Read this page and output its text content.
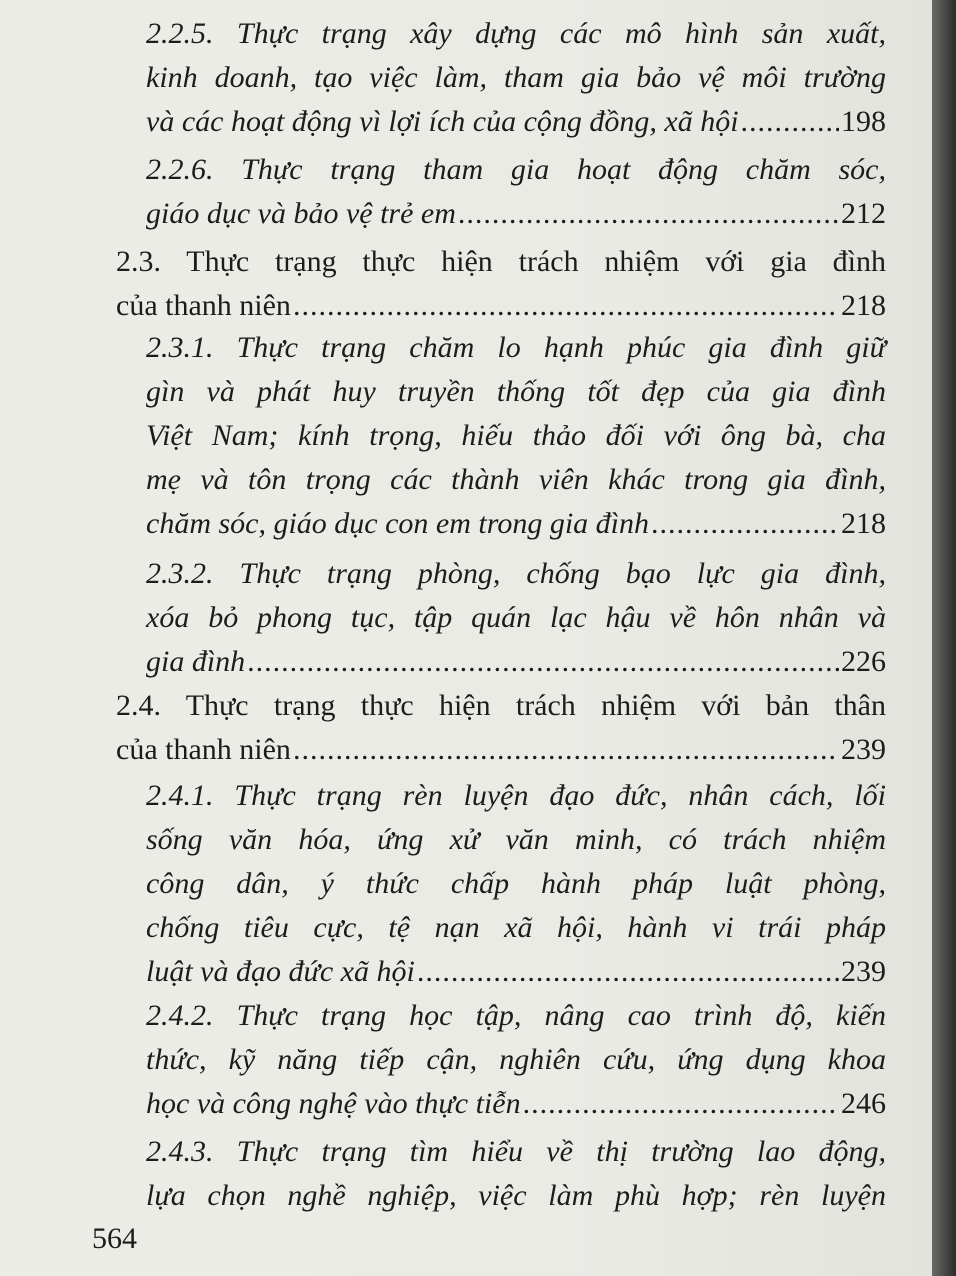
2.2.5. Thực trạng xây dựng các mô hình sản xuất,
kinh doanh, tạo việc làm, tham gia bảo vệ môi trường
và các hoạt động vì lợi ích của cộng đồng, xã hội .....	198
2.2.6. Thực trạng tham gia hoạt động chăm sóc,
giáo dục và bảo vệ trẻ em .....	212
2.3. Thực trạng thực hiện trách nhiệm với gia đình
của thanh niên .....	218
2.3.1. Thực trạng chăm lo hạnh phúc gia đình giữ
gìn và phát huy truyền thống tốt đẹp của gia đình
Việt Nam; kính trọng, hiếu thảo đối với ông bà, cha
mẹ và tôn trọng các thành viên khác trong gia đình,
chăm sóc, giáo dục con em trong gia đình .....	218
2.3.2. Thực trạng phòng, chống bạo lực gia đình,
xóa bỏ phong tục, tập quán lạc hậu về hôn nhân và
gia đình .....	226
2.4. Thực trạng thực hiện trách nhiệm với bản thân
của thanh niên .....	239
2.4.1. Thực trạng rèn luyện đạo đức, nhân cách, lối
sống văn hóa, ứng xử văn minh, có trách nhiệm
công dân, ý thức chấp hành pháp luật phòng,
chống tiêu cực, tệ nạn xã hội, hành vi trái pháp
luật và đạo đức xã hội .....	239
2.4.2. Thực trạng học tập, nâng cao trình độ, kiến
thức, kỹ năng tiếp cận, nghiên cứu, ứng dụng khoa
học và công nghệ vào thực tiễn .....	246
2.4.3. Thực trạng tìm hiểu về thị trường lao động,
lựa chọn nghề nghiệp, việc làm phù hợp; rèn luyện
564
